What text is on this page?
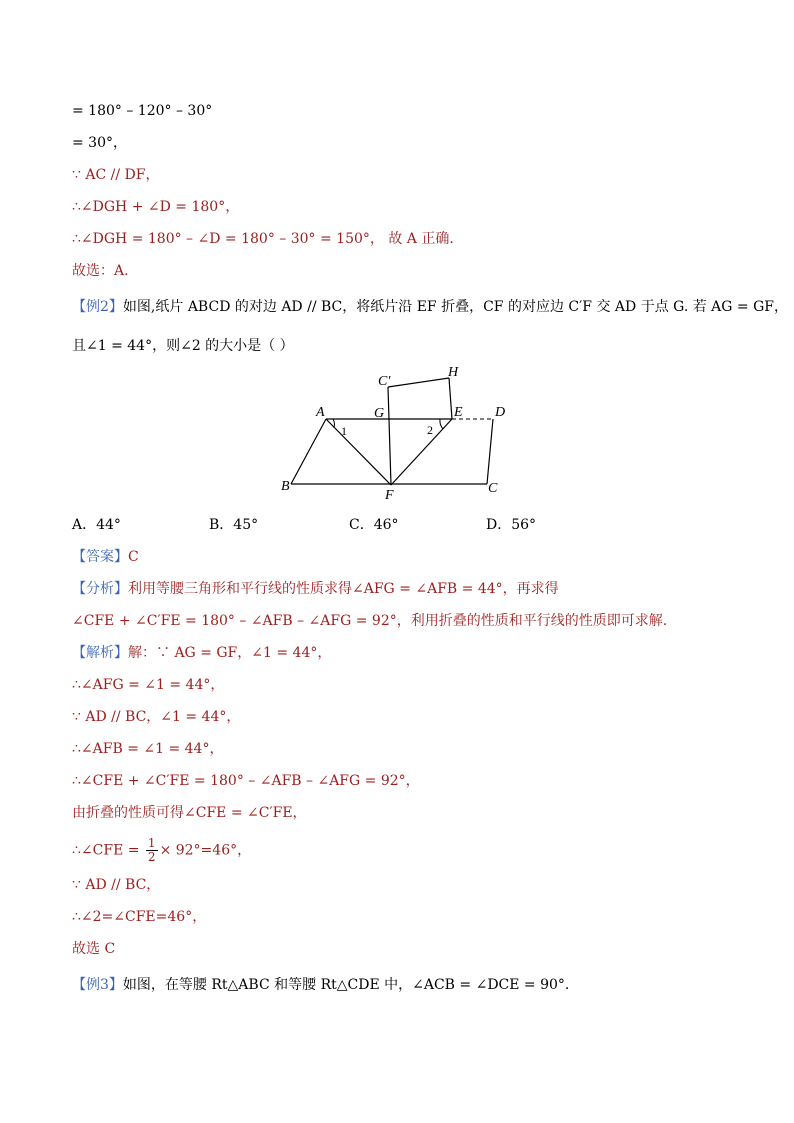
= 180° – 120° – 30°
= 30°，
∵ AC // DF，
∴∠DGH + ∠D = 180°，
∴∠DGH = 180° – ∠D = 180° – 30° = 150°， 故 A 正确.
故选：A.
【例2】如图,纸片 ABCD 的对边 AD // BC，将纸片沿 EF 折叠，CF 的对应边 C′F 交 AD 于点 G. 若 AG = GF，
且∠1 = 44°，则∠2 的大小是（ ）
A
B	C
D
E
F
G
H
C′
1	2
A．44°	B．45°	C．46°	D．56°
【答案】C
【分析】利用等腰三角形和平行线的性质求得∠AFG = ∠AFB = 44°，再求得
∠CFE + ∠C′FE = 180° – ∠AFB – ∠AFG = 92°，利用折叠的性质和平行线的性质即可求解.
【解析】解：∵ AG = GF，∠1 = 44°，
∴∠AFG = ∠1 = 44°，
∵ AD // BC，∠1 = 44°，
∴∠AFB = ∠1 = 44°，
∴∠CFE + ∠C′FE = 180° – ∠AFB – ∠AFG = 92°，
由折叠的性质可得∠CFE = ∠C′FE，
∴∠CFE = $\frac{1}{2} \times 92^\circ=46^\circ$，
∵ AD // BC，
∴∠2=∠CFE=46°，
故选 C
【例3】如图，在等腰 Rt△ABC 和等腰 Rt△CDE 中，∠ACB = ∠DCE = 90°.
